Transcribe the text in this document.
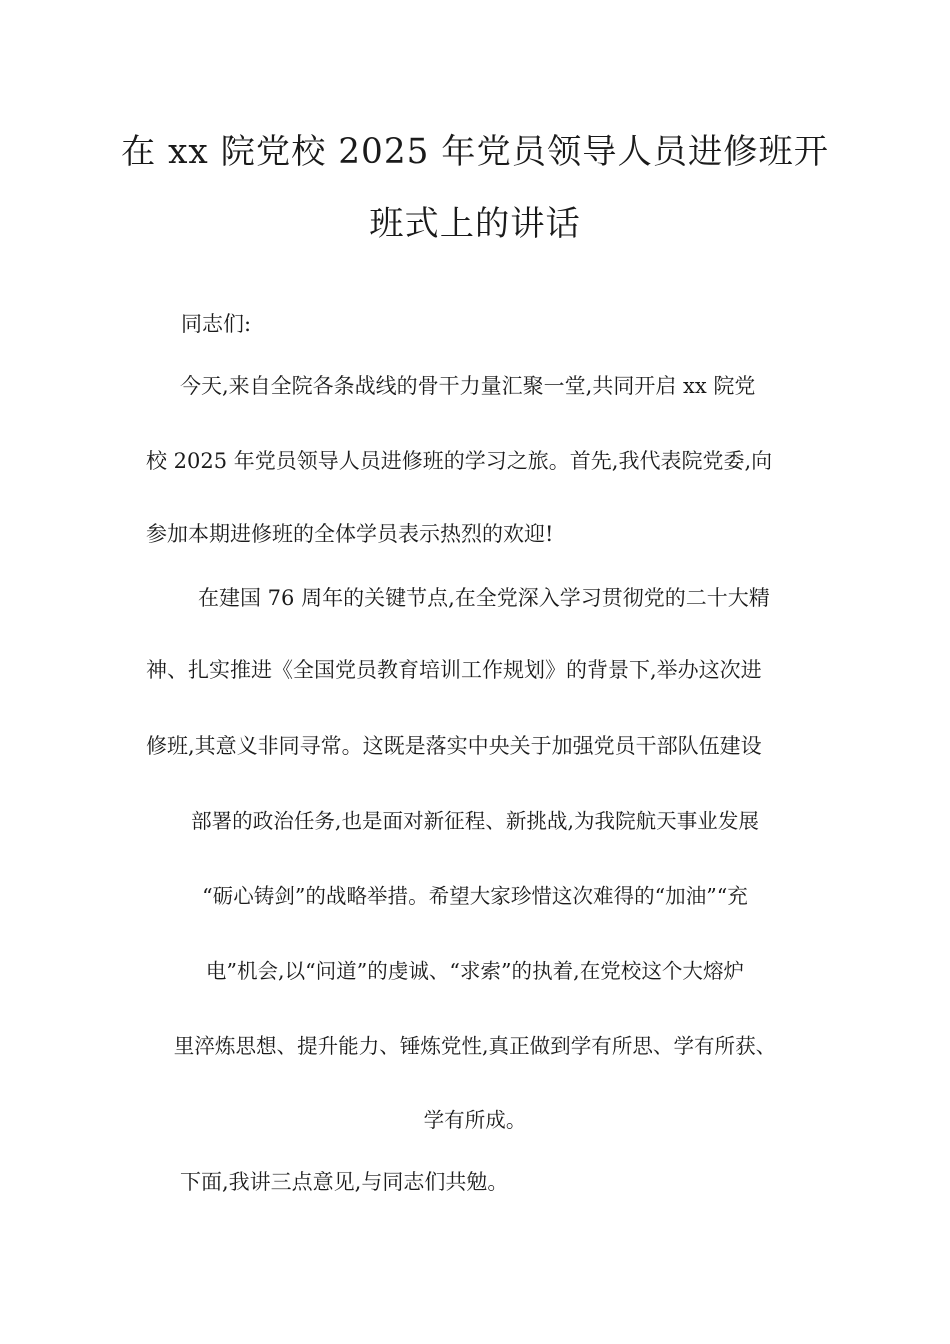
在 xx 院党校 2025 年党员领导人员进修班开
班式上的讲话
同志们:
今天,来自全院各条战线的骨干力量汇聚一堂,共同开启 xx 院党
校 2025 年党员领导人员进修班的学习之旅。首先,我代表院党委,向
参加本期进修班的全体学员表示热烈的欢迎!
在建国 76 周年的关键节点,在全党深入学习贯彻党的二十大精
神、扎实推进《全国党员教育培训工作规划》的背景下,举办这次进
修班,其意义非同寻常。这既是落实中央关于加强党员干部队伍建设
部署的政治任务,也是面对新征程、新挑战,为我院航天事业发展
“砺心铸剑”的战略举措。希望大家珍惜这次难得的“加油”“充
电”机会,以“问道”的虔诚、“求索”的执着,在党校这个大熔炉
里淬炼思想、提升能力、锤炼党性,真正做到学有所思、学有所获、
学有所成。
下面,我讲三点意见,与同志们共勉。
